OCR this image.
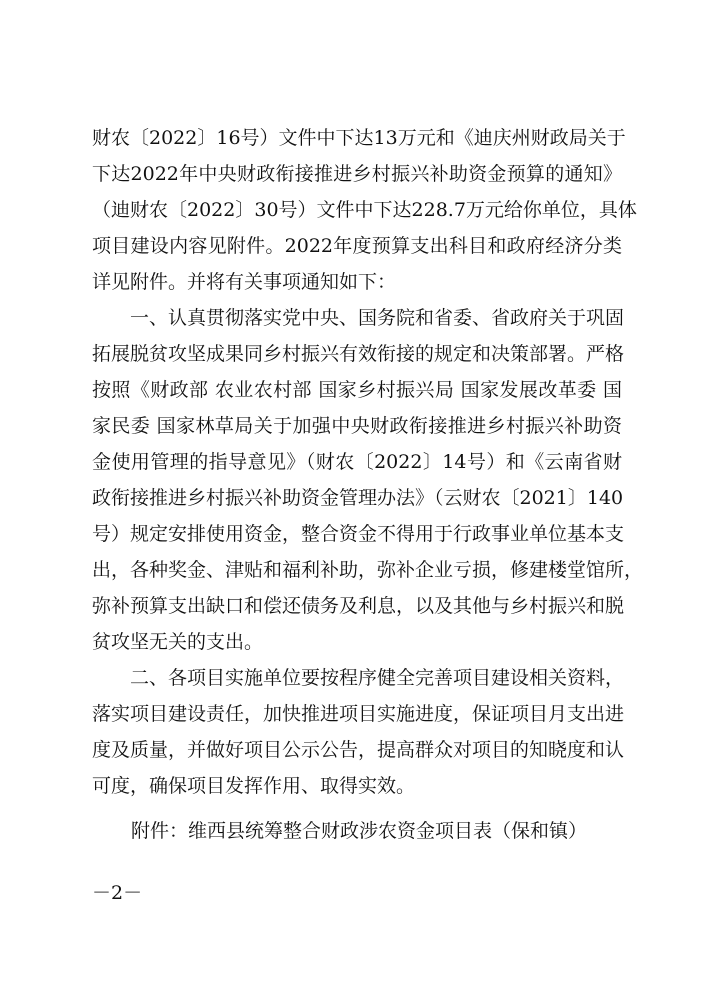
财农〔2022〕16号）文件中下达13万元和《迪庆州财政局关于
下达2022年中央财政衔接推进乡村振兴补助资金预算的通知》
（迪财农〔2022〕30号）文件中下达228.7万元给你单位，具体
项目建设内容见附件。2022年度预算支出科目和政府经济分类
详见附件。并将有关事项通知如下：
　　一、认真贯彻落实党中央、国务院和省委、省政府关于巩固
拓展脱贫攻坚成果同乡村振兴有效衔接的规定和决策部署。严格
按照《财政部 农业农村部 国家乡村振兴局 国家发展改革委 国
家民委 国家林草局关于加强中央财政衔接推进乡村振兴补助资
金使用管理的指导意见》（财农〔2022〕14号）和《云南省财
政衔接推进乡村振兴补助资金管理办法》（云财农〔2021〕140
号）规定安排使用资金，整合资金不得用于行政事业单位基本支
出，各种奖金、津贴和福利补助，弥补企业亏损，修建楼堂馆所，
弥补预算支出缺口和偿还债务及利息，以及其他与乡村振兴和脱
贫攻坚无关的支出。
　　二、各项目实施单位要按程序健全完善项目建设相关资料，
落实项目建设责任，加快推进项目实施进度，保证项目月支出进
度及质量，并做好项目公示公告，提高群众对项目的知晓度和认
可度，确保项目发挥作用、取得实效。
附件：维西县统筹整合财政涉农资金项目表（保和镇）
－2－
